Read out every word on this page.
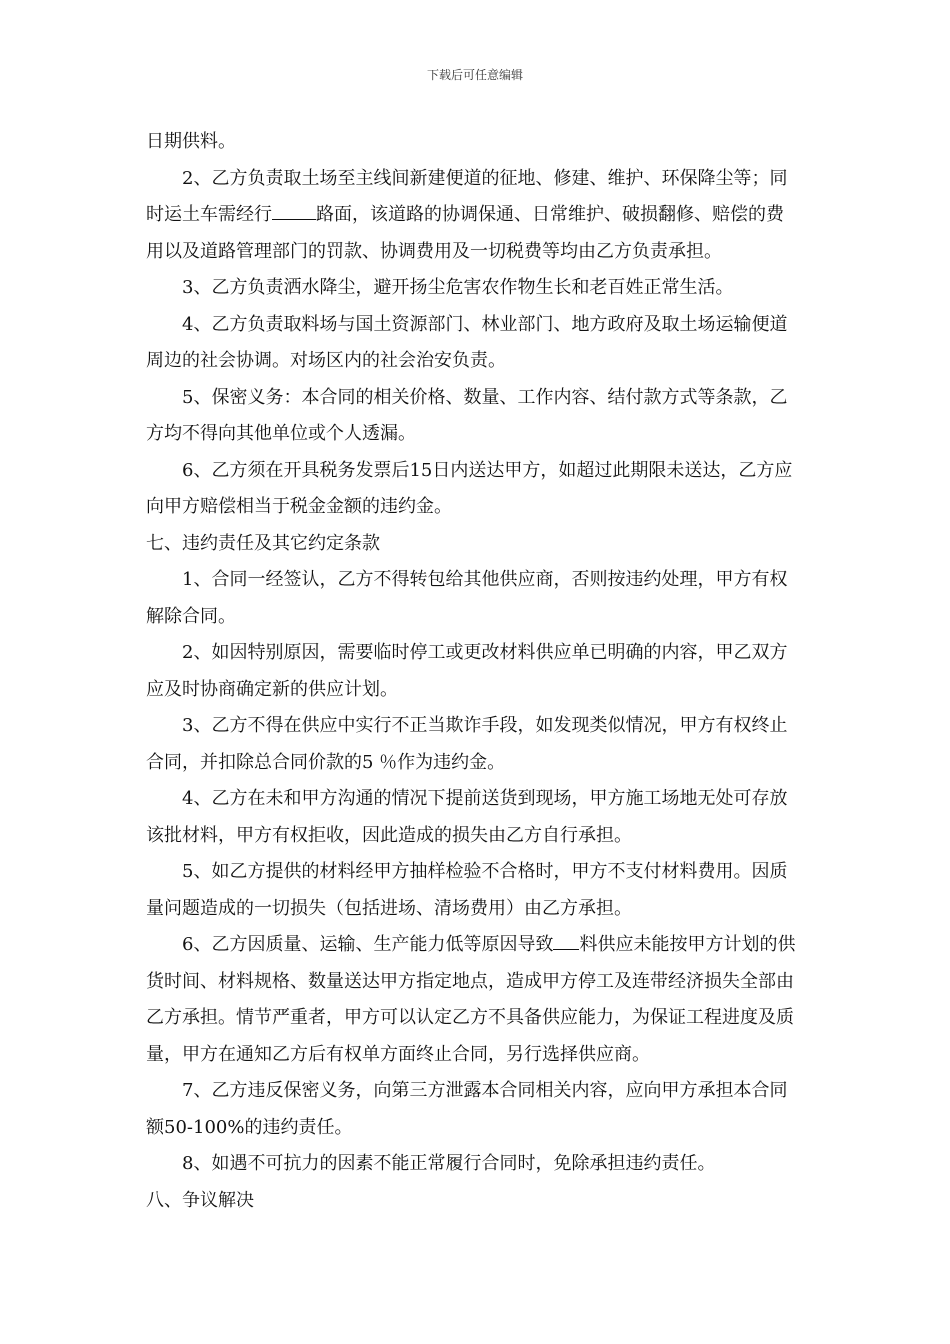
下载后可任意编辑

日期供料。

2、乙方负责取土场至主线间新建便道的征地、修建、维护、环保降尘等；同

时运土车需经行 路面，该道路的协调保通、日常维护、破损翻修、赔偿的费

用以及道路管理部门的罚款、协调费用及一切税费等均由乙方负责承担。

3、乙方负责洒水降尘，避开扬尘危害农作物生长和老百姓正常生活。

4、乙方负责取料场与国土资源部门、林业部门、地方政府及取土场运输便道

周边的社会协调。对场区内的社会治安负责。

5、保密义务：本合同的相关价格、数量、工作内容、结付款方式等条款，乙

方均不得向其他单位或个人透漏。

6、乙方须在开具税务发票后15日内送达甲方，如超过此期限未送达，乙方应

向甲方赔偿相当于税金金额的违约金。

七、违约责任及其它约定条款

1、合同一经签认，乙方不得转包给其他供应商，否则按违约处理，甲方有权

解除合同。

2、如因特别原因，需要临时停工或更改材料供应单已明确的内容，甲乙双方

应及时协商确定新的供应计划。

3、乙方不得在供应中实行不正当欺诈手段，如发现类似情况，甲方有权终止

合同，并扣除总合同价款的5 ％作为违约金。

4、乙方在未和甲方沟通的情况下提前送货到现场，甲方施工场地无处可存放

该批材料，甲方有权拒收，因此造成的损失由乙方自行承担。

5、如乙方提供的材料经甲方抽样检验不合格时，甲方不支付材料费用。因质

量问题造成的一切损失（包括进场、清场费用）由乙方承担。

6、乙方因质量、运输、生产能力低等原因导致 料供应未能按甲方计划的供

货时间、材料规格、数量送达甲方指定地点，造成甲方停工及连带经济损失全部由

乙方承担。情节严重者，甲方可以认定乙方不具备供应能力，为保证工程进度及质

量，甲方在通知乙方后有权单方面终止合同，另行选择供应商。

7、乙方违反保密义务，向第三方泄露本合同相关内容，应向甲方承担本合同

额50-100%的违约责任。

8、如遇不可抗力的因素不能正常履行合同时，免除承担违约责任。

八、争议解决
